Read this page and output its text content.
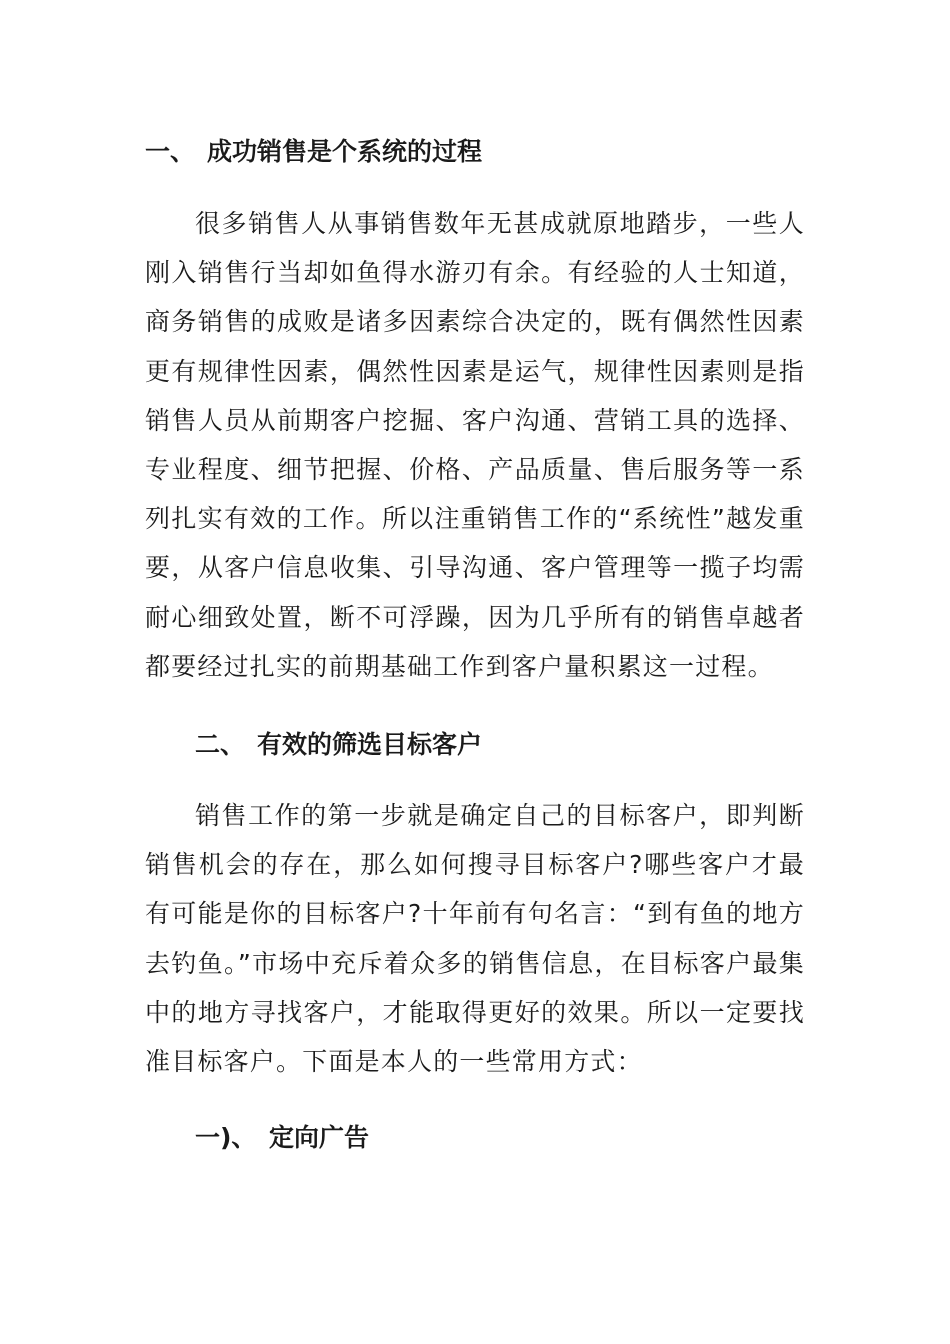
一、 成功销售是个系统的过程

很多销售人从事销售数年无甚成就原地踏步，一些人刚入销售行当却如鱼得水游刃有余。有经验的人士知道，商务销售的成败是诸多因素综合决定的，既有偶然性因素更有规律性因素，偶然性因素是运气，规律性因素则是指销售人员从前期客户挖掘、客户沟通、营销工具的选择、专业程度、细节把握、价格、产品质量、售后服务等一系列扎实有效的工作。所以注重销售工作的“系统性”越发重要，从客户信息收集、引导沟通、客户管理等一揽子均需耐心细致处置，断不可浮躁，因为几乎所有的销售卓越者都要经过扎实的前期基础工作到客户量积累这一过程。

二、 有效的筛选目标客户

销售工作的第一步就是确定自己的目标客户，即判断销售机会的存在，那么如何搜寻目标客户?哪些客户才最有可能是你的目标客户?十年前有句名言：“到有鱼的地方去钓鱼。”市场中充斥着众多的销售信息，在目标客户最集中的地方寻找客户，才能取得更好的效果。所以一定要找准目标客户。下面是本人的一些常用方式：

一)、 定向广告
